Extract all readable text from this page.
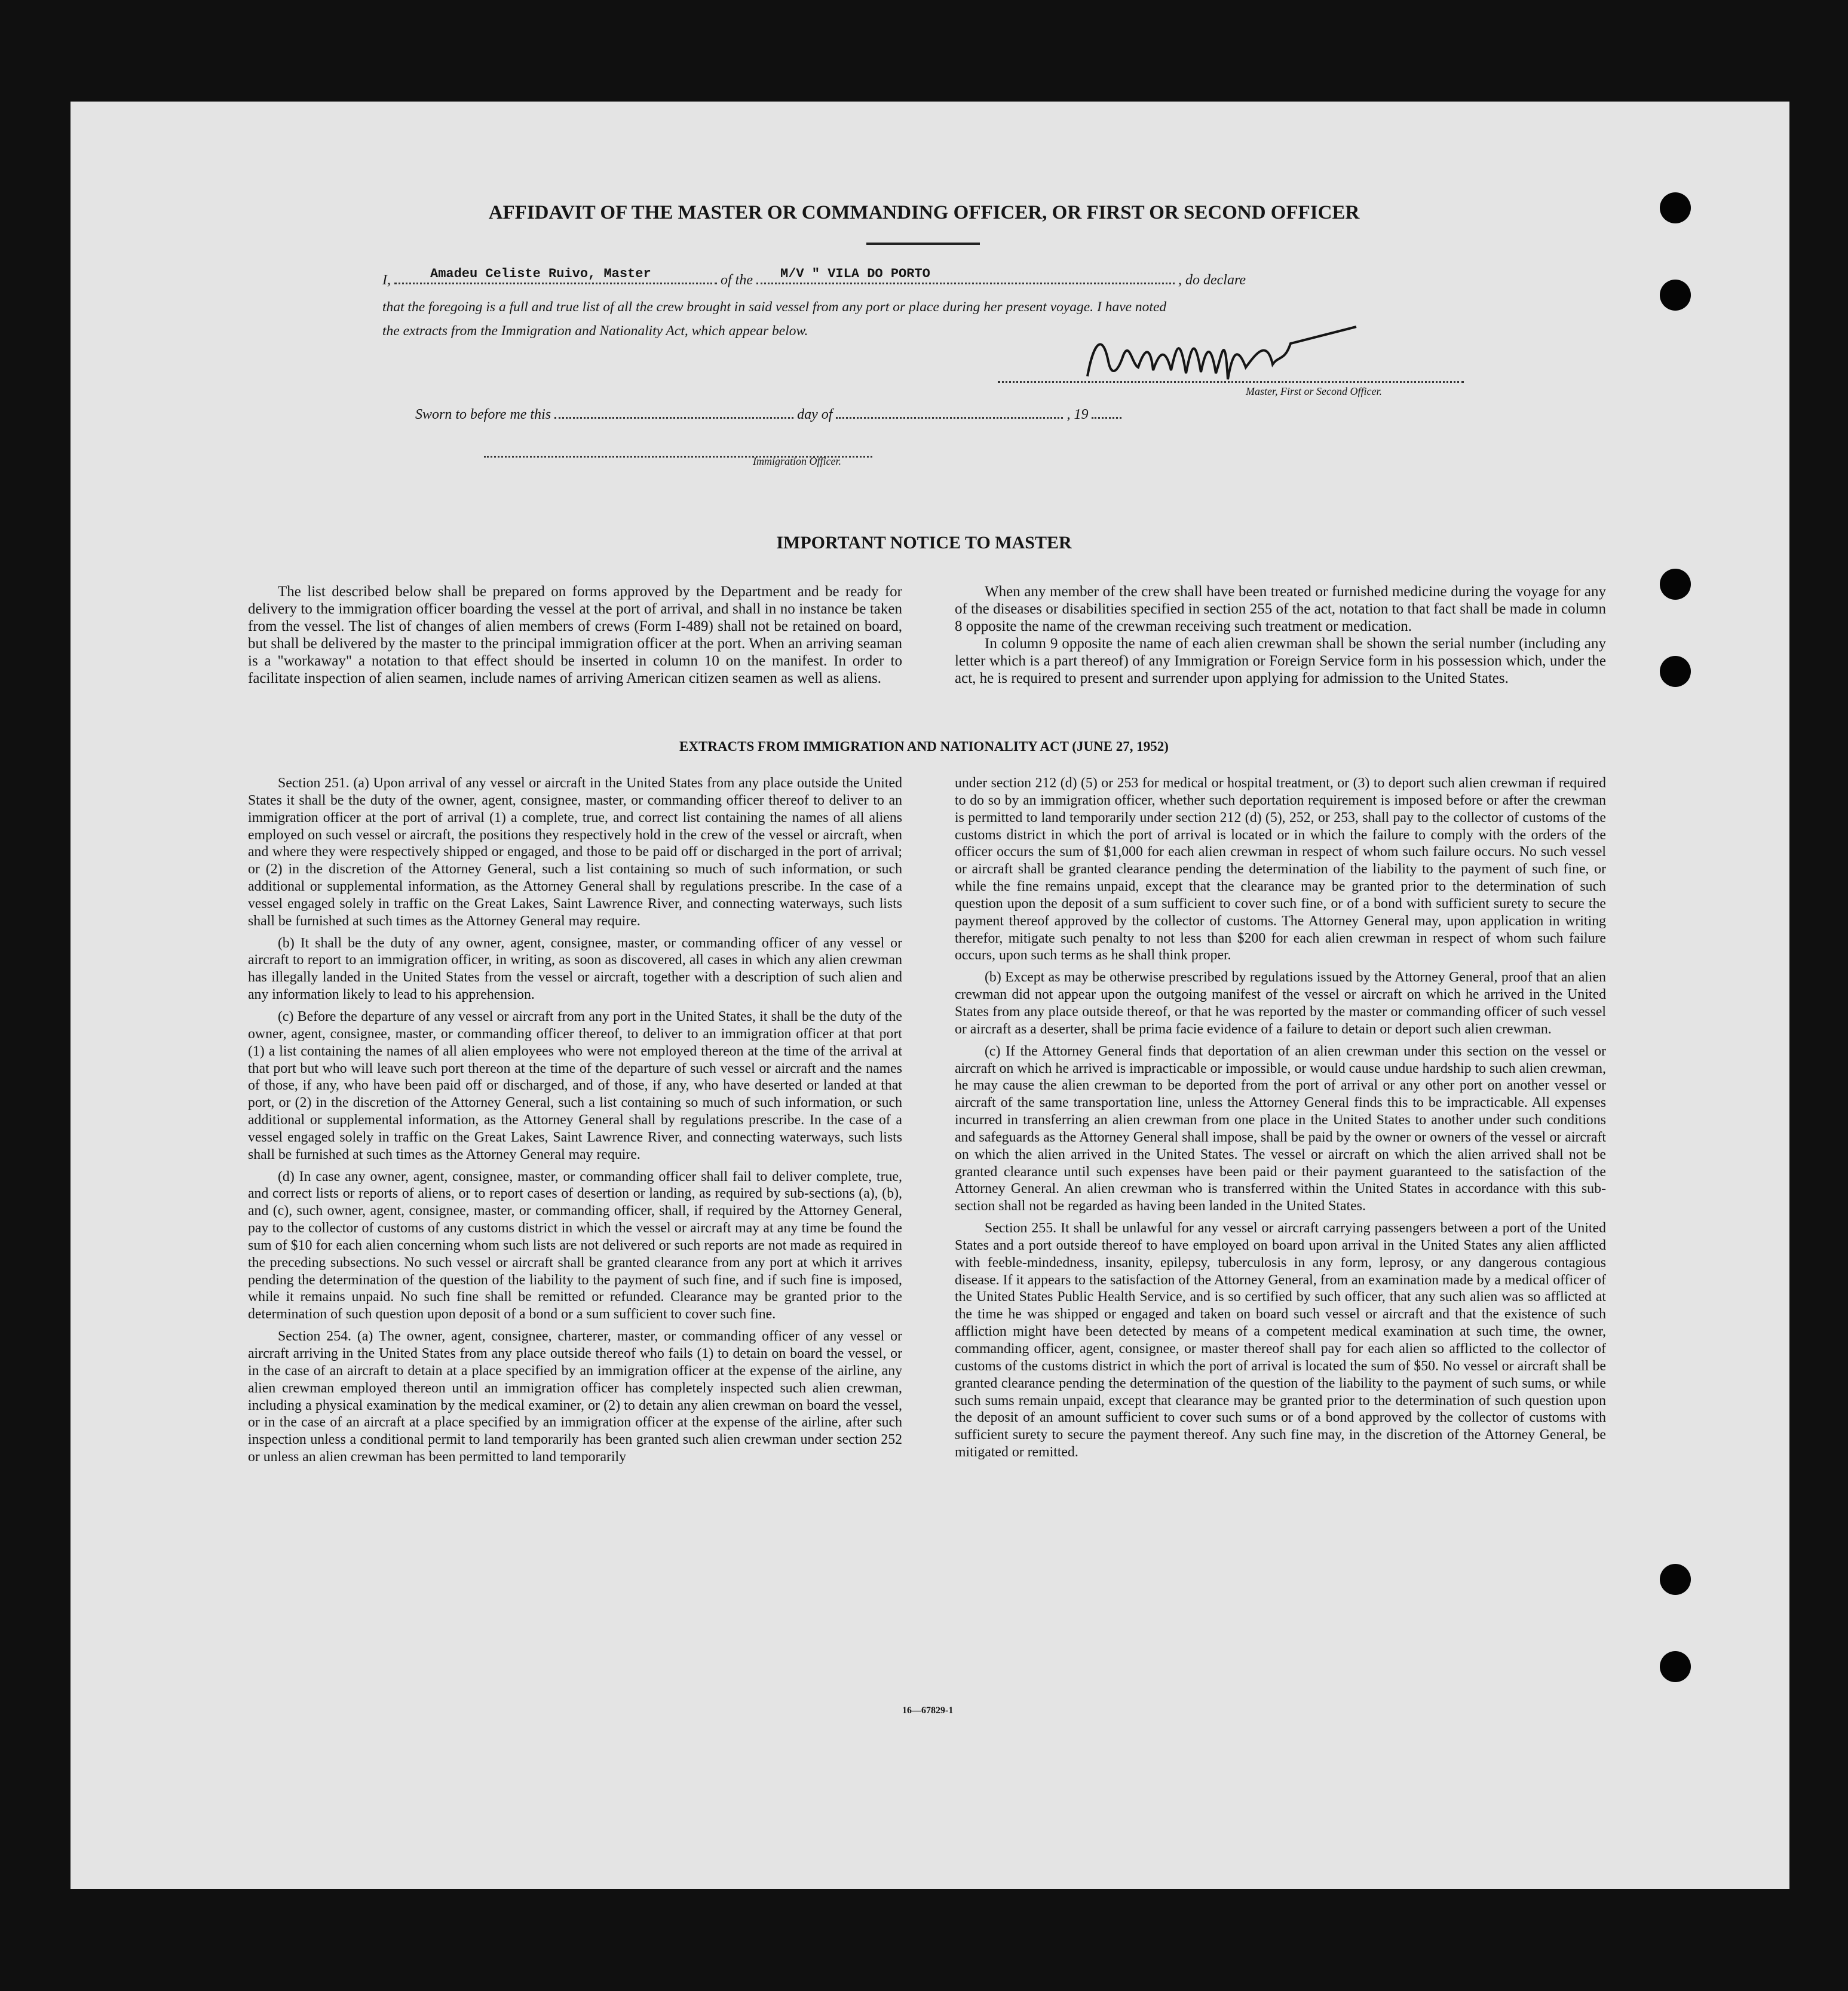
AFFIDAVIT OF THE MASTER OR COMMANDING OFFICER, OR FIRST OR SECOND OFFICER
I,	Amadeu Celiste Ruivo, Master	of the M/V " VILA DO PORTO	, do declare
that the foregoing is a full and true list of all the crew brought in said vessel from any port or place during her present voyage. I have noted
the extracts from the Immigration and Nationality Act, which appear below.
Master, First or Second Officer.
Sworn to before me this	day of	, 19
Immigration Officer.
IMPORTANT NOTICE TO MASTER

The list described below shall be prepared on forms approved by the Department and be ready for delivery to the immigration officer boarding the vessel at the port of arrival, and shall in no instance be taken from the vessel. The list of changes of alien members of crews (Form I-489) shall not be retained on board, but shall be delivered by the master to the principal immigration officer at the port. When an arriving seaman is a "workaway" a notation to that effect should be inserted in column 10 on the manifest. In order to facilitate inspection of alien seamen, include names of arriving American citizen seamen as well as aliens.

When any member of the crew shall have been treated or furnished medicine during the voyage for any of the diseases or disabilities specified in section 255 of the act, notation to that fact shall be made in column 8 opposite the name of the crewman receiving such treatment or medication.

In column 9 opposite the name of each alien crewman shall be shown the serial number (including any letter which is a part thereof) of any Immigration or Foreign Service form in his possession which, under the act, he is required to present and surrender upon applying for admission to the United States.

EXTRACTS FROM IMMIGRATION AND NATIONALITY ACT (JUNE 27, 1952)

Section 251. (a) Upon arrival of any vessel or aircraft in the United States from any place outside the United States it shall be the duty of the owner, agent, consignee, master, or commanding officer thereof to deliver to an immigration officer at the port of arrival (1) a complete, true, and correct list containing the names of all aliens employed on such vessel or aircraft, the positions they respectively hold in the crew of the vessel or aircraft, when and where they were respectively shipped or engaged, and those to be paid off or discharged in the port of arrival; or (2) in the discretion of the Attorney General, such a list containing so much of such information, or such additional or supplemental information, as the Attorney General shall by regulations prescribe. In the case of a vessel engaged solely in traffic on the Great Lakes, Saint Lawrence River, and connecting waterways, such lists shall be furnished at such times as the Attorney General may require.

(b) It shall be the duty of any owner, agent, consignee, master, or commanding officer of any vessel or aircraft to report to an immigration officer, in writing, as soon as discovered, all cases in which any alien crewman has illegally landed in the United States from the vessel or aircraft, together with a description of such alien and any information likely to lead to his apprehension.

(c) Before the departure of any vessel or aircraft from any port in the United States, it shall be the duty of the owner, agent, consignee, master, or commanding officer thereof, to deliver to an immigration officer at that port (1) a list containing the names of all alien employees who were not employed thereon at the time of the arrival at that port but who will leave such port thereon at the time of the departure of such vessel or aircraft and the names of those, if any, who have been paid off or discharged, and of those, if any, who have deserted or landed at that port, or (2) in the discretion of the Attorney General, such a list containing so much of such information, or such additional or supplemental information, as the Attorney General shall by regulations prescribe. In the case of a vessel engaged solely in traffic on the Great Lakes, Saint Lawrence River, and connecting waterways, such lists shall be furnished at such times as the Attorney General may require.

(d) In case any owner, agent, consignee, master, or commanding officer shall fail to deliver complete, true, and correct lists or reports of aliens, or to report cases of desertion or landing, as required by sub-sections (a), (b), and (c), such owner, agent, consignee, master, or commanding officer, shall, if required by the Attorney General, pay to the collector of customs of any customs district in which the vessel or aircraft may at any time be found the sum of $10 for each alien concerning whom such lists are not delivered or such reports are not made as required in the preceding subsections. No such vessel or aircraft shall be granted clearance from any port at which it arrives pending the determination of the question of the liability to the payment of such fine, and if such fine is imposed, while it remains unpaid. No such fine shall be remitted or refunded. Clearance may be granted prior to the determination of such question upon deposit of a bond or a sum sufficient to cover such fine.

Section 254. (a) The owner, agent, consignee, charterer, master, or commanding officer of any vessel or aircraft arriving in the United States from any place outside thereof who fails (1) to detain on board the vessel, or in the case of an aircraft to detain at a place specified by an immigration officer at the expense of the airline, any alien crewman employed thereon until an immigration officer has completely inspected such alien crewman, including a physical examination by the medical examiner, or (2) to detain any alien crewman on board the vessel, or in the case of an aircraft at a place specified by an immigration officer at the expense of the airline, after such inspection unless a conditional permit to land temporarily has been granted such alien crewman under section 252 or unless an alien crewman has been permitted to land temporarily

under section 212 (d) (5) or 253 for medical or hospital treatment, or (3) to deport such alien crewman if required to do so by an immigration officer, whether such deportation requirement is imposed before or after the crewman is permitted to land temporarily under section 212 (d) (5), 252, or 253, shall pay to the collector of customs of the customs district in which the port of arrival is located or in which the failure to comply with the orders of the officer occurs the sum of $1,000 for each alien crewman in respect of whom such failure occurs. No such vessel or aircraft shall be granted clearance pending the determination of the liability to the payment of such fine, or while the fine remains unpaid, except that the clearance may be granted prior to the determination of such question upon the deposit of a sum sufficient to cover such fine, or of a bond with sufficient surety to secure the payment thereof approved by the collector of customs. The Attorney General may, upon application in writing therefor, mitigate such penalty to not less than $200 for each alien crewman in respect of whom such failure occurs, upon such terms as he shall think proper.

(b) Except as may be otherwise prescribed by regulations issued by the Attorney General, proof that an alien crewman did not appear upon the outgoing manifest of the vessel or aircraft on which he arrived in the United States from any place outside thereof, or that he was reported by the master or commanding officer of such vessel or aircraft as a deserter, shall be prima facie evidence of a failure to detain or deport such alien crewman.

(c) If the Attorney General finds that deportation of an alien crewman under this section on the vessel or aircraft on which he arrived is impracticable or impossible, or would cause undue hardship to such alien crewman, he may cause the alien crewman to be deported from the port of arrival or any other port on another vessel or aircraft of the same transportation line, unless the Attorney General finds this to be impracticable. All expenses incurred in transferring an alien crewman from one place in the United States to another under such conditions and safeguards as the Attorney General shall impose, shall be paid by the owner or owners of the vessel or aircraft on which the alien arrived in the United States. The vessel or aircraft on which the alien arrived shall not be granted clearance until such expenses have been paid or their payment guaranteed to the satisfaction of the Attorney General. An alien crewman who is transferred within the United States in accordance with this sub-section shall not be regarded as having been landed in the United States.

Section 255. It shall be unlawful for any vessel or aircraft carrying passengers between a port of the United States and a port outside thereof to have employed on board upon arrival in the United States any alien afflicted with feeble-mindedness, insanity, epilepsy, tuberculosis in any form, leprosy, or any dangerous contagious disease. If it appears to the satisfaction of the Attorney General, from an examination made by a medical officer of the United States Public Health Service, and is so certified by such officer, that any such alien was so afflicted at the time he was shipped or engaged and taken on board such vessel or aircraft and that the existence of such affliction might have been detected by means of a competent medical examination at such time, the owner, commanding officer, agent, consignee, or master thereof shall pay for each alien so afflicted to the collector of customs of the customs district in which the port of arrival is located the sum of $50. No vessel or aircraft shall be granted clearance pending the determination of the question of the liability to the payment of such sums, or while such sums remain unpaid, except that clearance may be granted prior to the determination of such question upon the deposit of an amount sufficient to cover such sums or of a bond approved by the collector of customs with sufficient surety to secure the payment thereof. Any such fine may, in the discretion of the Attorney General, be mitigated or remitted.

16—67829-1
